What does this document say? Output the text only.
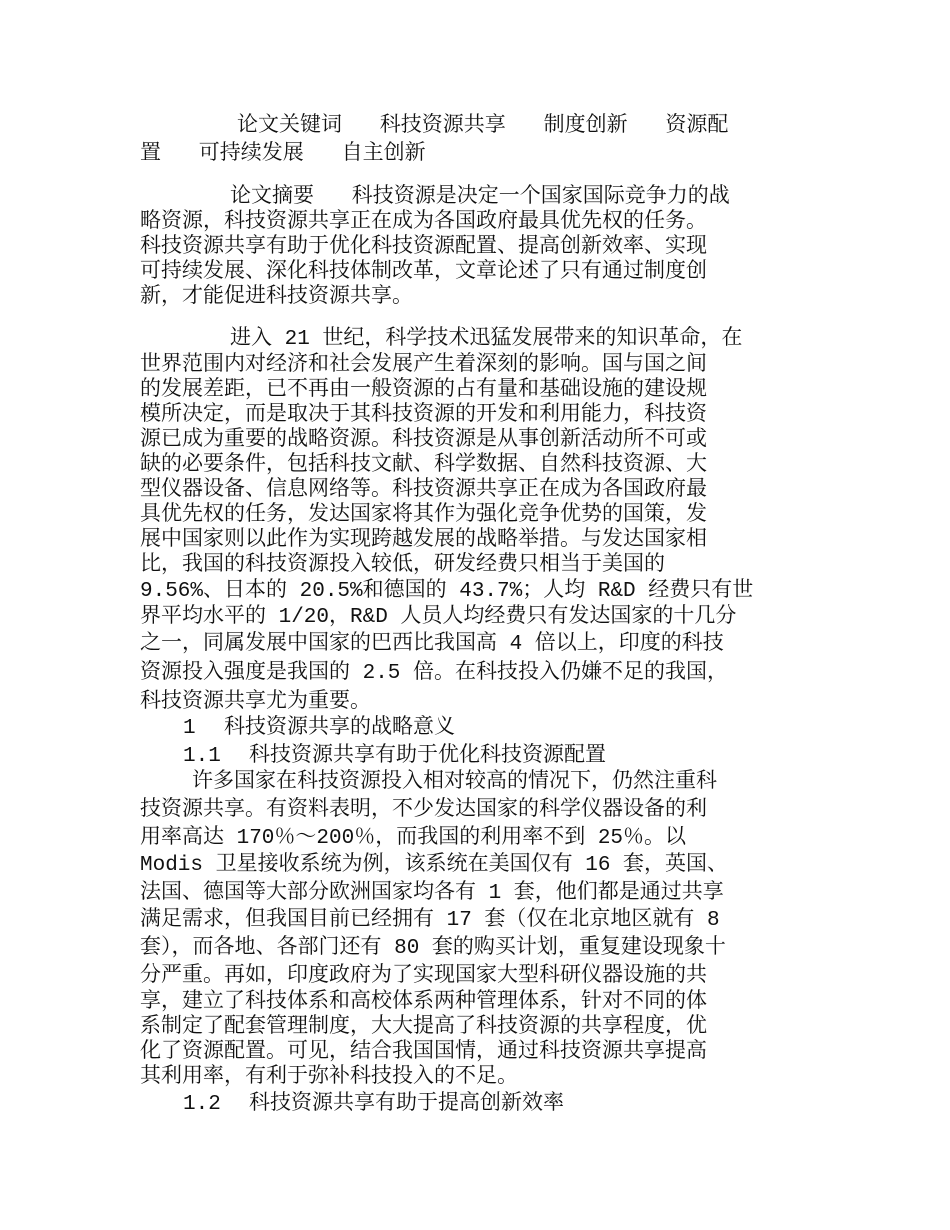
1 科技资源共享的战略意义
1.1 科技资源共享有助于优化科技资源配置
1.2 科技资源共享有助于提高创新效率
论文关键词   科技资源共享   制度创新   资源配
置   可持续发展   自主创新
论文摘要   科技资源是决定一个国家国际竞争力的战
略资源，科技资源共享正在成为各国政府最具优先权的任务。
科技资源共享有助于优化科技资源配置、提高创新效率、实现
可持续发展、深化科技体制改革，文章论述了只有通过制度创
新，才能促进科技资源共享。
进入 21 世纪，科学技术迅猛发展带来的知识革命，在
世界范围内对经济和社会发展产生着深刻的影响。国与国之间
的发展差距，已不再由一般资源的占有量和基础设施的建设规
模所决定，而是取决于其科技资源的开发和利用能力，科技资
源已成为重要的战略资源。科技资源是从事创新活动所不可或
缺的必要条件，包括科技文献、科学数据、自然科技资源、大
型仪器设备、信息网络等。科技资源共享正在成为各国政府最
具优先权的任务，发达国家将其作为强化竞争优势的国策，发
展中国家则以此作为实现跨越发展的战略举措。与发达国家相
比，我国的科技资源投入较低，研发经费只相当于美国的
9.56%、日本的 20.5%和德国的 43.7%；人均 R&D 经费只有世
界平均水平的 1/20，R&D 人员人均经费只有发达国家的十几分
之一，同属发展中国家的巴西比我国高 4 倍以上，印度的科技
资源投入强度是我国的 2.5 倍。在科技投入仍嫌不足的我国，
科技资源共享尤为重要。
许多国家在科技资源投入相对较高的情况下，仍然注重科
技资源共享。有资料表明，不少发达国家的科学仪器设备的利
用率高达 170％～200％，而我国的利用率不到 25％。以
Modis 卫星接收系统为例，该系统在美国仅有 16 套，英国、
法国、德国等大部分欧洲国家均各有 1 套，他们都是通过共享
满足需求，但我国目前已经拥有 17 套（仅在北京地区就有 8
套），而各地、各部门还有 80 套的购买计划，重复建设现象十
分严重。再如，印度政府为了实现国家大型科研仪器设施的共
享，建立了科技体系和高校体系两种管理体系，针对不同的体
系制定了配套管理制度，大大提高了科技资源的共享程度，优
化了资源配置。可见，结合我国国情，通过科技资源共享提高
其利用率，有利于弥补科技投入的不足。
